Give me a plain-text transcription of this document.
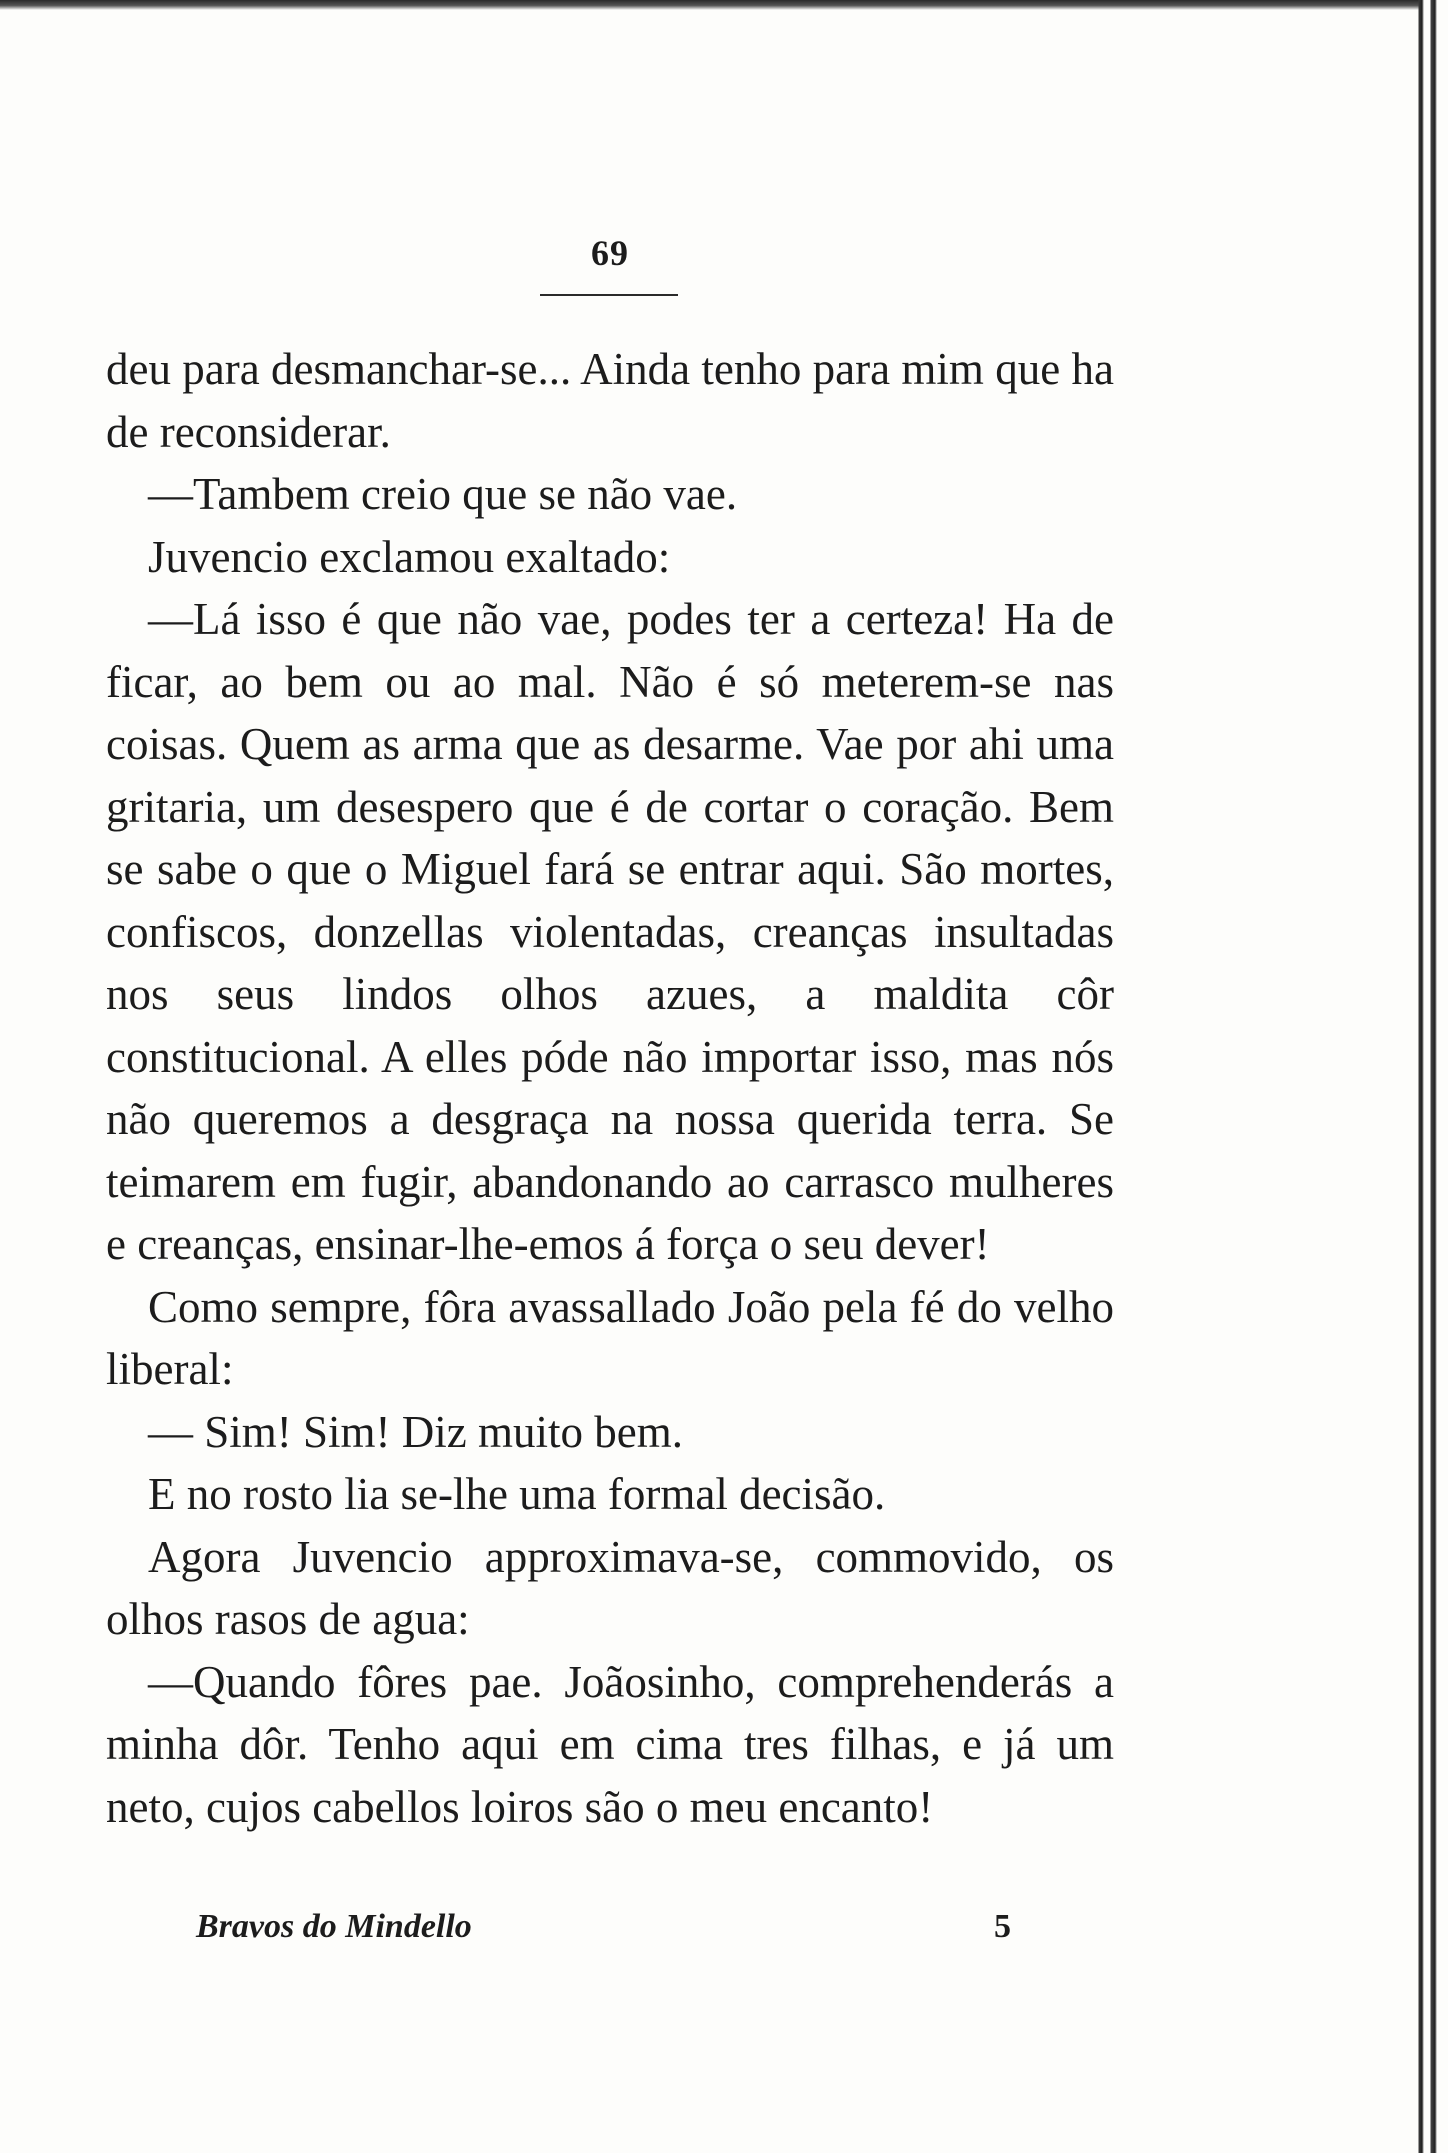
69

deu para desmanchar-se... Ainda tenho para mim que ha de reconsiderar.

—Tambem creio que se não vae.

Juvencio exclamou exaltado:

—Lá isso é que não vae, podes ter a certeza! Ha de ficar, ao bem ou ao mal. Não é só meterem-se nas coisas. Quem as arma que as desarme. Vae por ahi uma gritaria, um desespero que é de cortar o coração. Bem se sabe o que o Miguel fará se entrar aqui. São mortes, confiscos, donzellas violentadas, creanças insultadas nos seus lindos olhos azues, a maldita côr constitucional. A elles póde não importar isso, mas nós não queremos a desgraça na nossa querida terra. Se teimarem em fugir, abandonando ao carrasco mulheres e creanças, ensinar-lhe-emos á força o seu dever!

Como sempre, fôra avassallado João pela fé do velho liberal:

— Sim! Sim! Diz muito bem.

E no rosto lia se-lhe uma formal decisão.

Agora Juvencio approximava-se, commovido, os olhos rasos de agua:

—Quando fôres pae. Joãosinho, comprehenderás a minha dôr. Tenho aqui em cima tres filhas, e já um neto, cujos cabellos loiros são o meu encanto!

Bravos do Mindello	5
